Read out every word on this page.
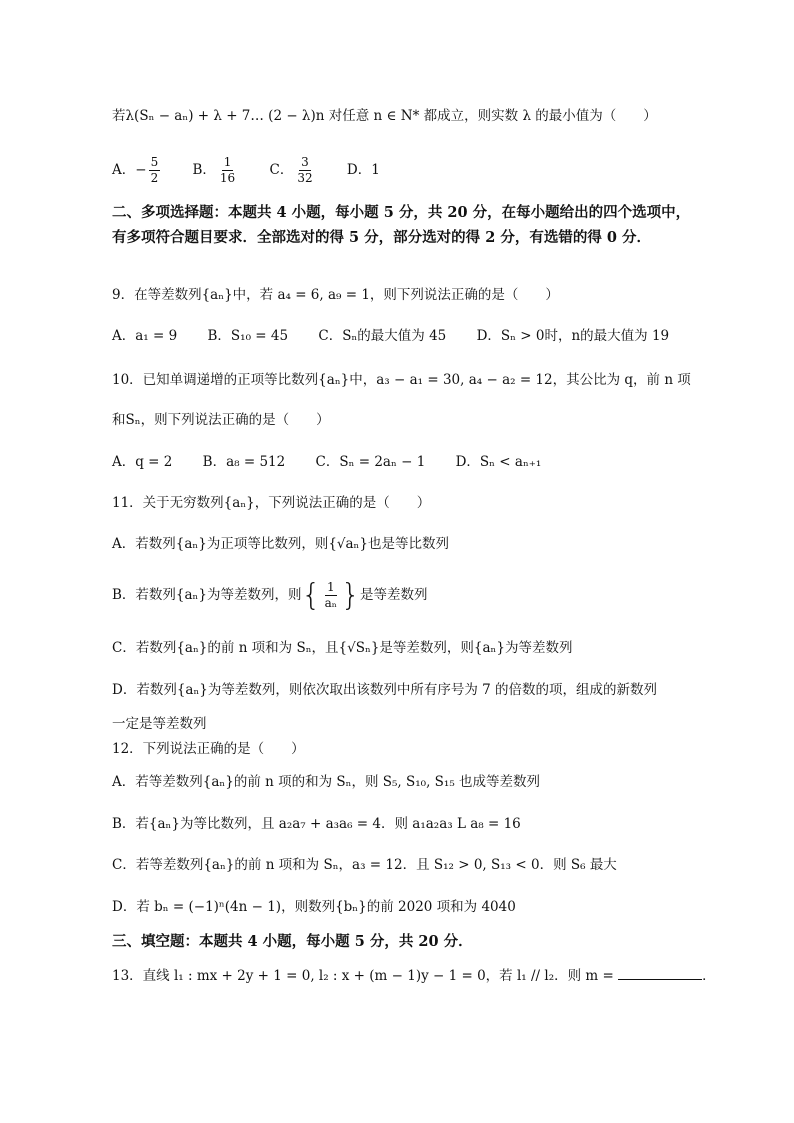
若λ(Sₙ − aₙ) + λ + 7… (2 − λ)n 对任意 n ∈ N* 都成立，则实数 λ 的最小值为（　　）
A．− $\frac{5}{2}$ B． $\frac{1}{16}$ C． $\frac{3}{32}$ D．1
二、多项选择题：本题共 4 小题，每小题 5 分，共 20 分，在每小题给出的四个选项中，有多项符合题目要求．全部选对的得 5 分，部分选对的得 2 分，有选错的得 0 分．
9．在等差数列{aₙ}中，若 a₄ = 6, a₉ = 1，则下列说法正确的是（　　）
A．a₁ = 9 B．S₁₀ = 45 C．Sₙ的最大值为 45 D．Sₙ > 0时，n的最大值为 19
10．已知单调递增的正项等比数列{aₙ}中，a₃ − a₁ = 30, a₄ − a₂ = 12，其公比为 q，前 n 项
和Sₙ，则下列说法正确的是（　　）
A．q = 2 B．a₈ = 512 C．Sₙ = 2aₙ − 1 D．Sₙ < aₙ₊₁
11．关于无穷数列{aₙ}，下列说法正确的是（　　）
A．若数列{aₙ}为正项等比数列，则{√aₙ}也是等比数列
B．若数列{aₙ}为等差数列，则 { $\frac{1}{\text{aₙ}}$ } 是等差数列
C．若数列{aₙ}的前 n 项和为 Sₙ，且{√Sₙ}是等差数列，则{aₙ}为等差数列
D．若数列{aₙ}为等差数列，则依次取出该数列中所有序号为 7 的倍数的项，组成的新数列
一定是等差数列
12．下列说法正确的是（　　）
A．若等差数列{aₙ}的前 n 项的和为 Sₙ，则 S₅, S₁₀, S₁₅ 也成等差数列
B．若{aₙ}为等比数列，且 a₂a₇ + a₃a₆ = 4．则 a₁a₂a₃ L a₈ = 16
C．若等差数列{aₙ}的前 n 项和为 Sₙ，a₃ = 12．且 S₁₂ > 0, S₁₃ < 0．则 S₆ 最大
D．若 bₙ = (−1)ⁿ(4n − 1)，则数列{bₙ}的前 2020 项和为 4040
三、填空题：本题共 4 小题，每小题 5 分，共 20 分．
13．直线 l₁ : mx + 2y + 1 = 0, l₂ : x + (m − 1)y − 1 = 0，若 l₁ // l₂．则 m =	．
